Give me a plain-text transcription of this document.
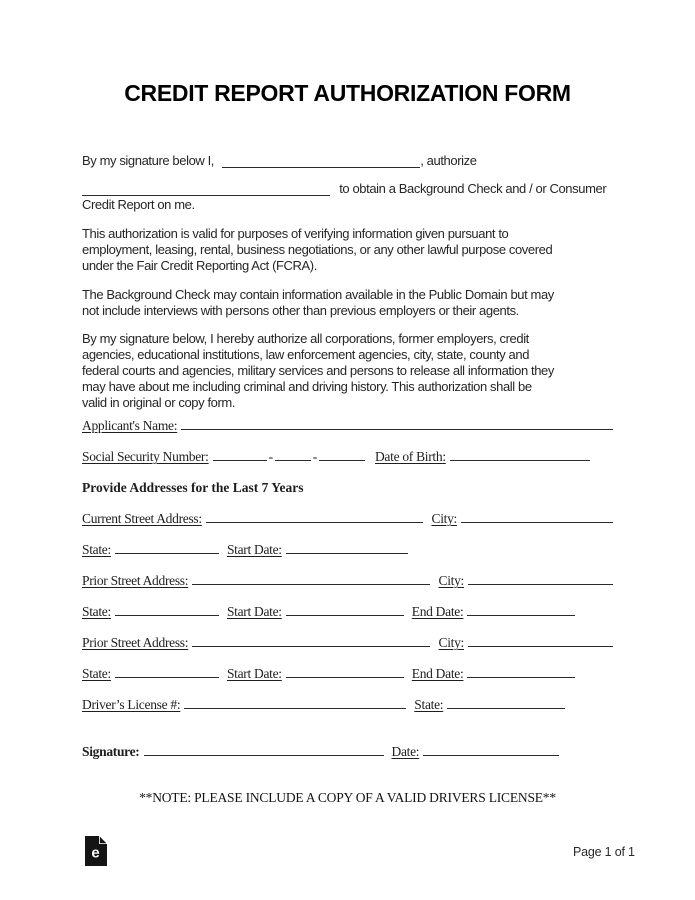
CREDIT REPORT AUTHORIZATION FORM
By my signature below I,	, authorize
to obtain a Background Check and / or Consumer
Credit Report on me.
This authorization is valid for purposes of verifying information given pursuant to
employment, leasing, rental, business negotiations, or any other lawful purpose covered
under the Fair Credit Reporting Act (FCRA).
The Background Check may contain information available in the Public Domain but may
not include interviews with persons other than previous employers or their agents.
By my signature below, I hereby authorize all corporations, former employers, credit
agencies, educational institutions, law enforcement agencies, city, state, county and
federal courts and agencies, military services and persons to release all information they
may have about me including criminal and driving history. This authorization shall be
valid in original or copy form.
Applicant's Name:
Social Security Number:	-	-	Date of Birth:
Provide Addresses for the Last 7 Years
Current Street Address:	City:
State:	Start Date:
Prior Street Address:	City:
State:	Start Date:	End Date:
Prior Street Address:	City:
State:	Start Date:	End Date:
Driver’s License #:	State:
Signature:	Date:
**NOTE: PLEASE INCLUDE A COPY OF A VALID DRIVERS LICENSE**
e	Page 1 of 1
